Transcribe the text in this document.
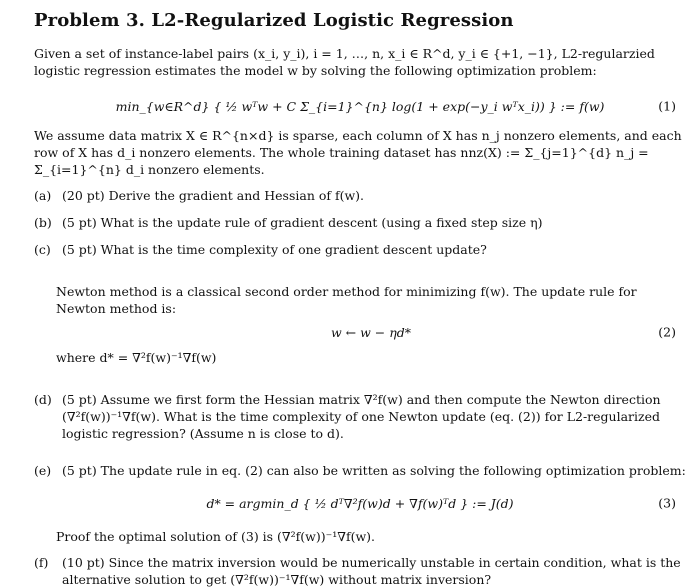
Problem 3. L2-Regularized Logistic Regression

Given a set of instance-label pairs (x_i, y_i), i = 1, …, n, x_i ∈ R^d, y_i ∈ {+1, −1}, L2-regularzied logistic regression estimates the model w by solving the following optimization problem:

min_{w∈R^d} { ½ wᵀw + C Σ_{i=1}^{n} log(1 + exp(−y_i wᵀx_i)) } := f(w)	(1)

We assume data matrix X ∈ R^{n×d} is sparse, each column of X has n_j nonzero elements, and each row of X has d_i nonzero elements. The whole training dataset has nnz(X) := Σ_{j=1}^{d} n_j = Σ_{i=1}^{n} d_i nonzero elements.

(a) (20 pt) Derive the gradient and Hessian of f(w).
(b) (5 pt) What is the update rule of gradient descent (using a fixed step size η)
(c) (5 pt) What is the time complexity of one gradient descent update?

Newton method is a classical second order method for minimizing f(w). The update rule for Newton method is:

w ← w − ηd*	(2)

where d* = ∇²f(w)⁻¹∇f(w)

(d) (5 pt) Assume we first form the Hessian matrix ∇²f(w) and then compute the Newton direction (∇²f(w))⁻¹∇f(w). What is the time complexity of one Newton update (eq. (2)) for L2-regularized logistic regression? (Assume n is close to d).
(e) (5 pt) The update rule in eq. (2) can also be written as solving the following optimization problem:
d* = argmin_d { ½ dᵀ∇²f(w)d + ∇f(w)ᵀd } := J(d)	(3)

Proof the optimal solution of (3) is (∇²f(w))⁻¹∇f(w).

(f)	(10 pt) Since the matrix inversion would be numerically unstable in certain condition, what is the alternative solution to get (∇²f(w))⁻¹∇f(w) without matrix inversion?
